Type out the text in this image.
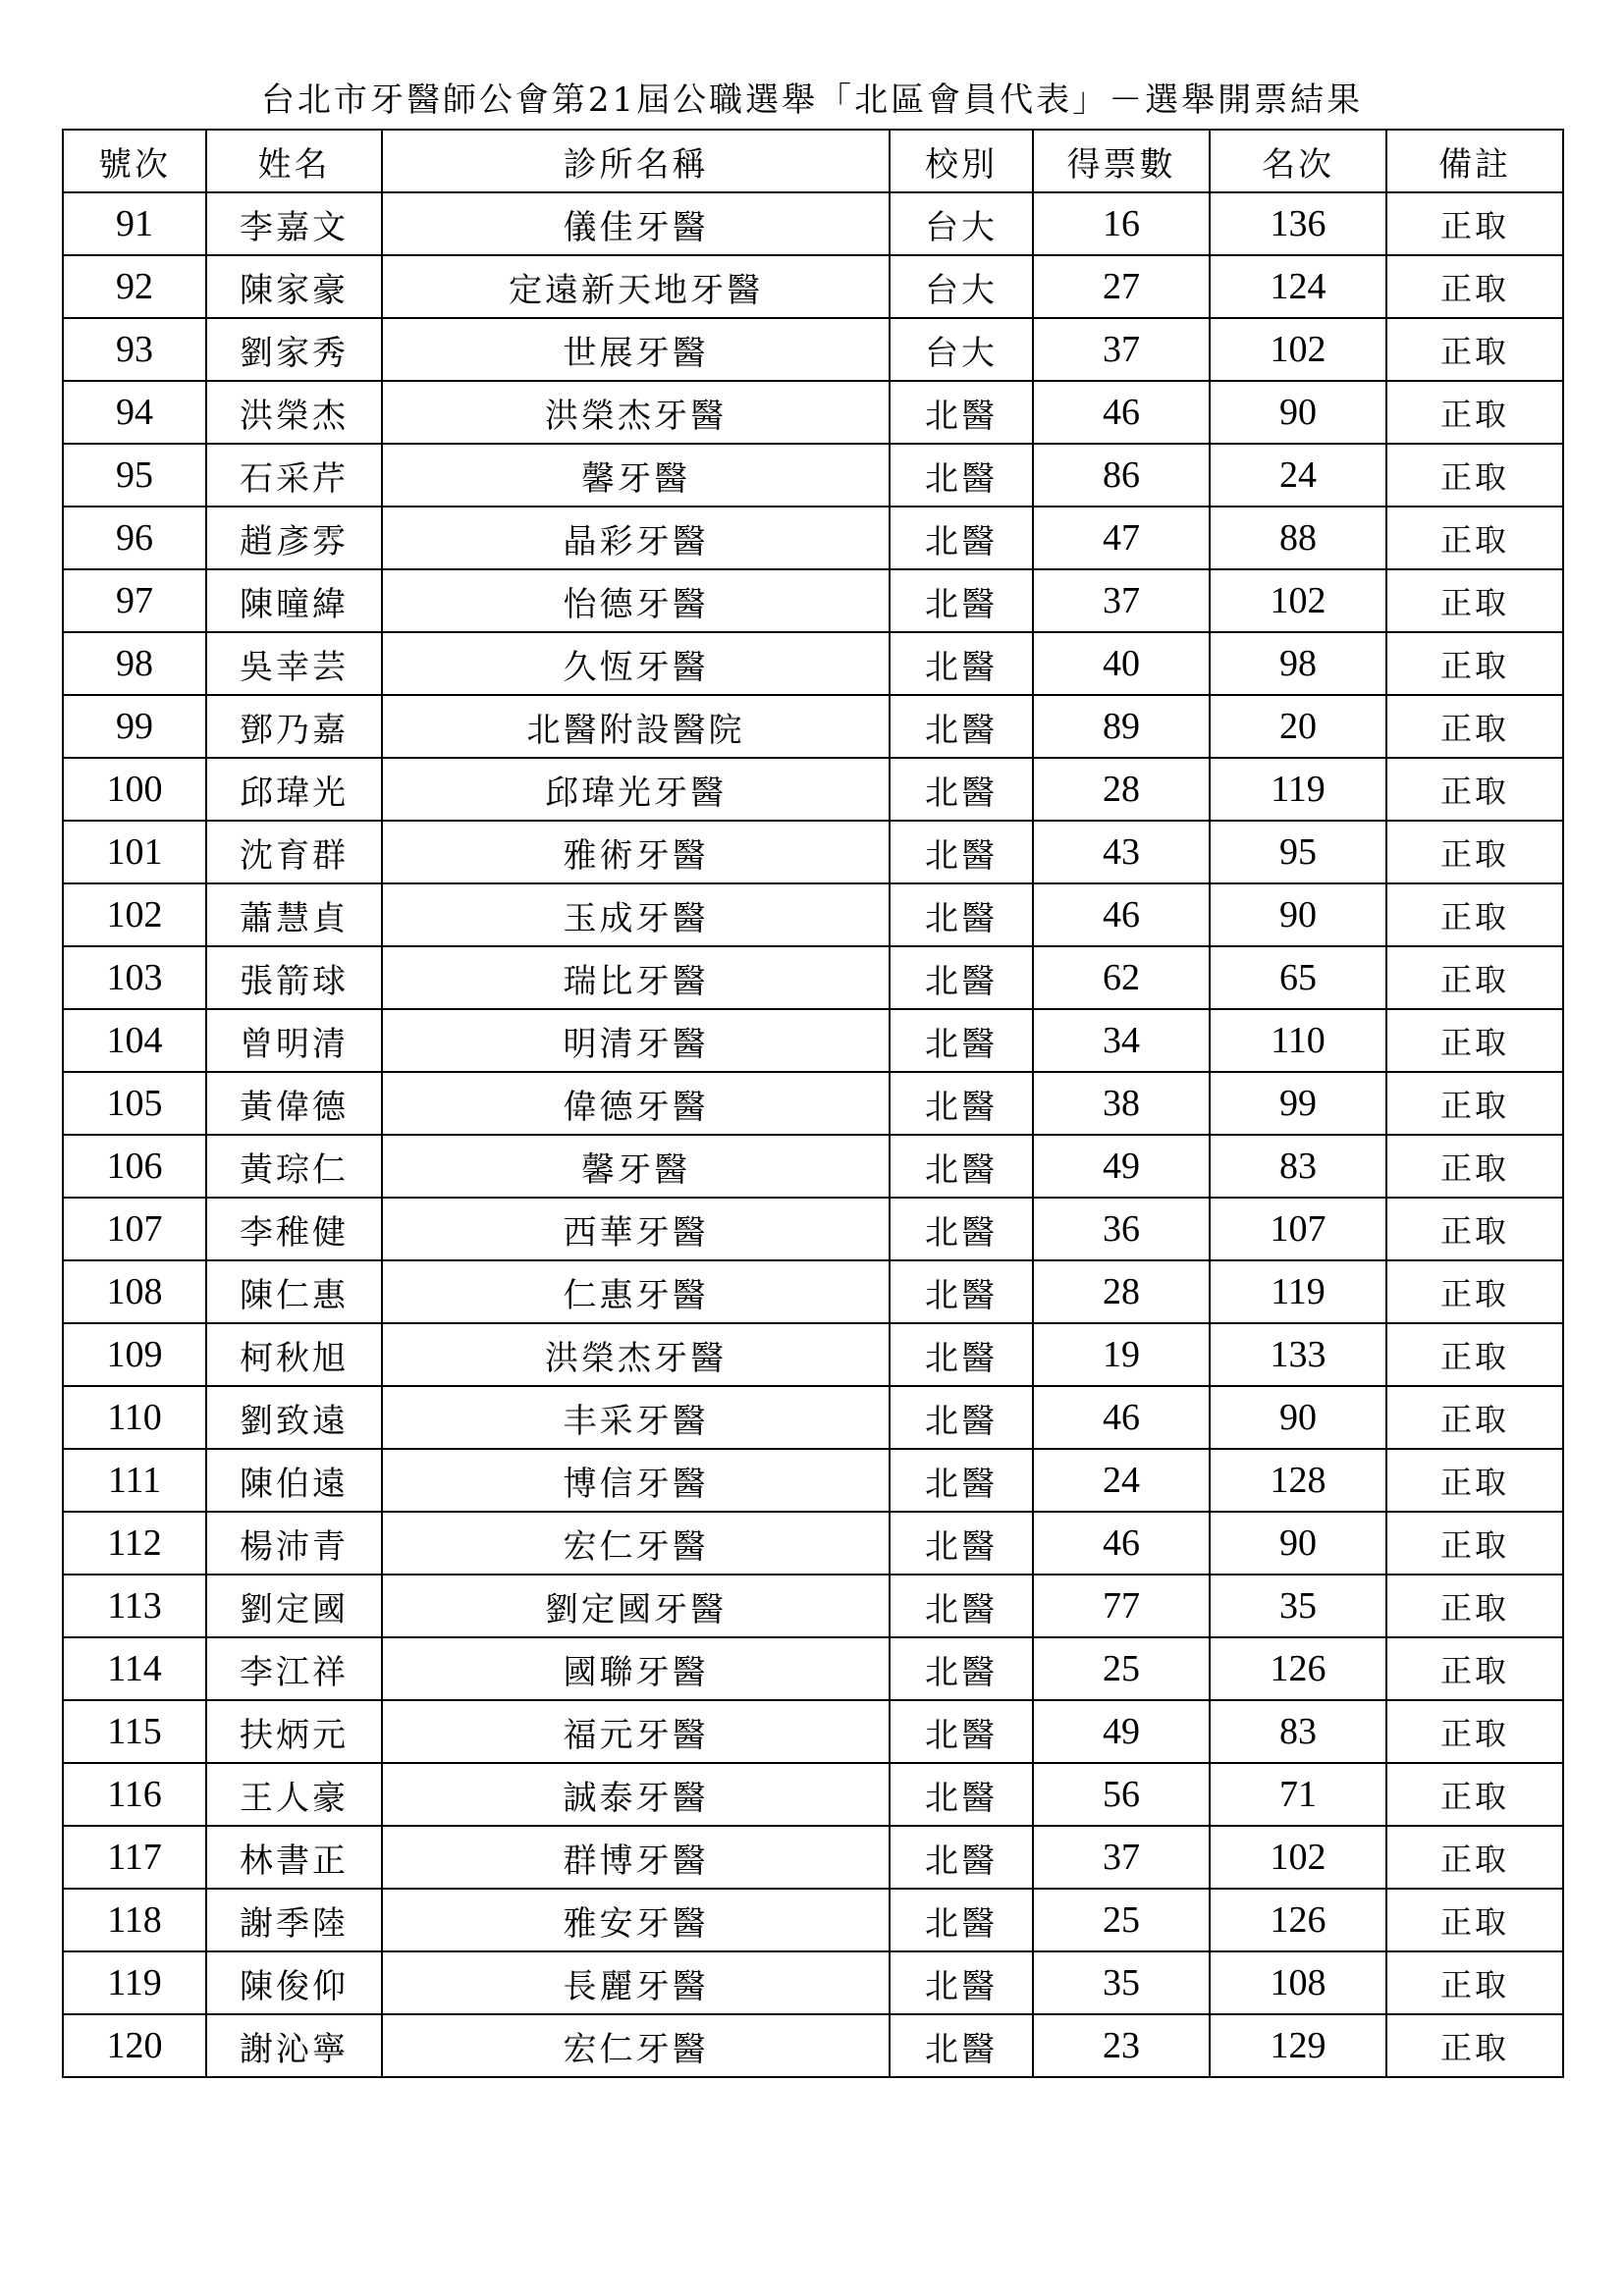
台北市牙醫師公會第21屆公職選舉「北區會員代表」－選舉開票結果
號次	姓名	診所名稱	校別	得票數	名次	備註
91	李嘉文	儀佳牙醫	台大	16	136	正取
92	陳家豪	定遠新天地牙醫	台大	27	124	正取
93	劉家秀	世展牙醫	台大	37	102	正取
94	洪榮杰	洪榮杰牙醫	北醫	46	90	正取
95	石采芹	馨牙醫	北醫	86	24	正取
96	趙彥雰	晶彩牙醫	北醫	47	88	正取
97	陳曈緯	怡德牙醫	北醫	37	102	正取
98	吳幸芸	久恆牙醫	北醫	40	98	正取
99	鄧乃嘉	北醫附設醫院	北醫	89	20	正取
100	邱瑋光	邱瑋光牙醫	北醫	28	119	正取
101	沈育群	雅術牙醫	北醫	43	95	正取
102	蕭慧貞	玉成牙醫	北醫	46	90	正取
103	張箭球	瑞比牙醫	北醫	62	65	正取
104	曾明清	明清牙醫	北醫	34	110	正取
105	黃偉德	偉德牙醫	北醫	38	99	正取
106	黃琮仁	馨牙醫	北醫	49	83	正取
107	李稚健	西華牙醫	北醫	36	107	正取
108	陳仁惠	仁惠牙醫	北醫	28	119	正取
109	柯秋旭	洪榮杰牙醫	北醫	19	133	正取
110	劉致遠	丰采牙醫	北醫	46	90	正取
111	陳伯遠	博信牙醫	北醫	24	128	正取
112	楊沛青	宏仁牙醫	北醫	46	90	正取
113	劉定國	劉定國牙醫	北醫	77	35	正取
114	李江祥	國聯牙醫	北醫	25	126	正取
115	扶炳元	福元牙醫	北醫	49	83	正取
116	王人豪	誠泰牙醫	北醫	56	71	正取
117	林書正	群博牙醫	北醫	37	102	正取
118	謝季陸	雅安牙醫	北醫	25	126	正取
119	陳俊仰	長麗牙醫	北醫	35	108	正取
120	謝沁寧	宏仁牙醫	北醫	23	129	正取
